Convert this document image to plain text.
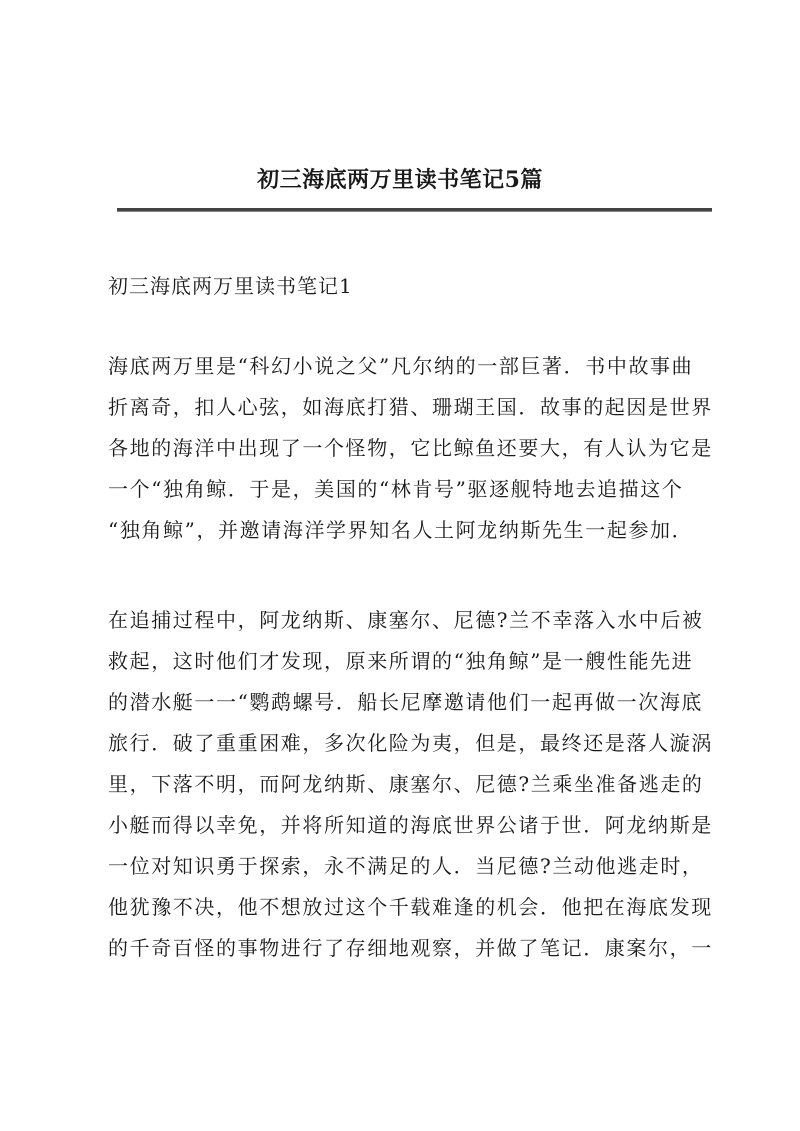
初三海底两万里读书笔记5篇
初三海底两万里读书笔记1
海底两万里是“科幻小说之父”凡尔纳的一部巨著．书中故事曲
折离奇，扣人心弦，如海底打猎、珊瑚王国．故事的起因是世界
各地的海洋中出现了一个怪物，它比鲸鱼还要大，有人认为它是
一个“独角鲸．于是，美国的“林肯号”驱逐舰特地去追描这个
“独角鲸”，并邀请海洋学界知名人土阿龙纳斯先生一起参加．
在追捕过程中，阿龙纳斯、康塞尔、尼德?兰不幸落入水中后被
救起，这时他们才发现，原来所谓的“独角鲸”是一艘性能先进
的潜水艇一一“鹦鹉螺号．船长尼摩邀请他们一起再做一次海底
旅行．破了重重困难，多次化险为夷，但是，最终还是落人漩涡
里，下落不明，而阿龙纳斯、康塞尔、尼德?兰乘坐准备逃走的
小艇而得以幸免，并将所知道的海底世界公诸于世．阿龙纳斯是
一位对知识勇于探索，永不满足的人．当尼德?兰动他逃走时，
他犹豫不决，他不想放过这个千载难逢的机会．他把在海底发现
的千奇百怪的事物进行了存细地观察，并做了笔记．康案尔，一
